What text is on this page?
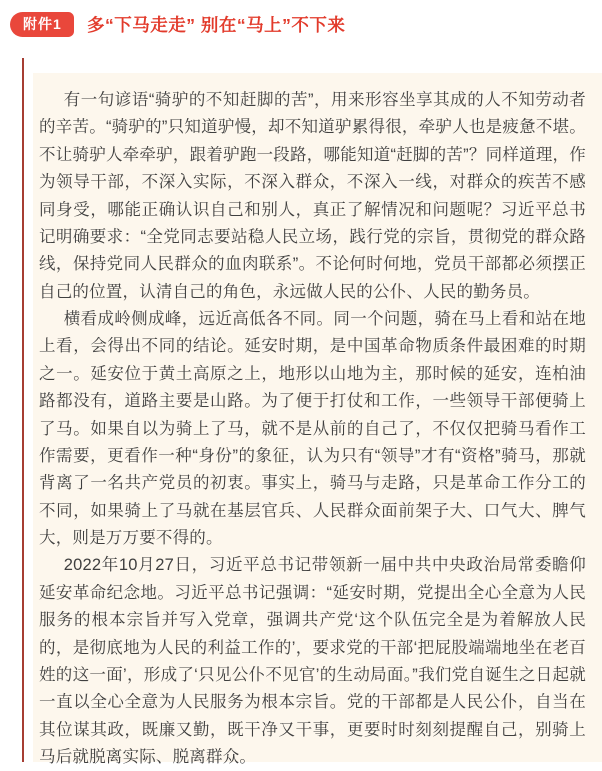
附件1	多“下马走走” 别在“马上”不下来

有一句谚语“骑驴的不知赶脚的苦”，用来形容坐享其成的人不知劳动者的辛苦。“骑驴的”只知道驴慢，却不知道驴累得很，牵驴人也是疲惫不堪。不让骑驴人牵牵驴，跟着驴跑一段路，哪能知道“赶脚的苦”？同样道理，作为领导干部，不深入实际，不深入群众，不深入一线，对群众的疾苦不感同身受，哪能正确认识自己和别人，真正了解情况和问题呢？习近平总书记明确要求：“全党同志要站稳人民立场，践行党的宗旨，贯彻党的群众路线，保持党同人民群众的血肉联系”。不论何时何地，党员干部都必须摆正自己的位置，认清自己的角色，永远做人民的公仆、人民的勤务员。

横看成岭侧成峰，远近高低各不同。同一个问题，骑在马上看和站在地上看，会得出不同的结论。延安时期，是中国革命物质条件最困难的时期之一。延安位于黄土高原之上，地形以山地为主，那时候的延安，连柏油路都没有，道路主要是山路。为了便于打仗和工作，一些领导干部便骑上了马。如果自以为骑上了马，就不是从前的自己了，不仅仅把骑马看作工作需要，更看作一种“身份”的象征，认为只有“领导”才有“资格”骑马，那就背离了一名共产党员的初衷。事实上，骑马与走路，只是革命工作分工的不同，如果骑上了马就在基层官兵、人民群众面前架子大、口气大、脾气大，则是万万要不得的。

2022年10月27日，习近平总书记带领新一届中共中央政治局常委瞻仰延安革命纪念地。习近平总书记强调：“延安时期，党提出全心全意为人民服务的根本宗旨并写入党章，强调共产党‘这个队伍完全是为着解放人民的，是彻底地为人民的利益工作的’，要求党的干部‘把屁股端端地坐在老百姓的这一面’，形成了‘只见公仆不见官’的生动局面。”我们党自诞生之日起就一直以全心全意为人民服务为根本宗旨。党的干部都是人民公仆，自当在其位谋其政，既廉又勤，既干净又干事，更要时时刻刻提醒自己，别骑上马后就脱离实际、脱离群众。
